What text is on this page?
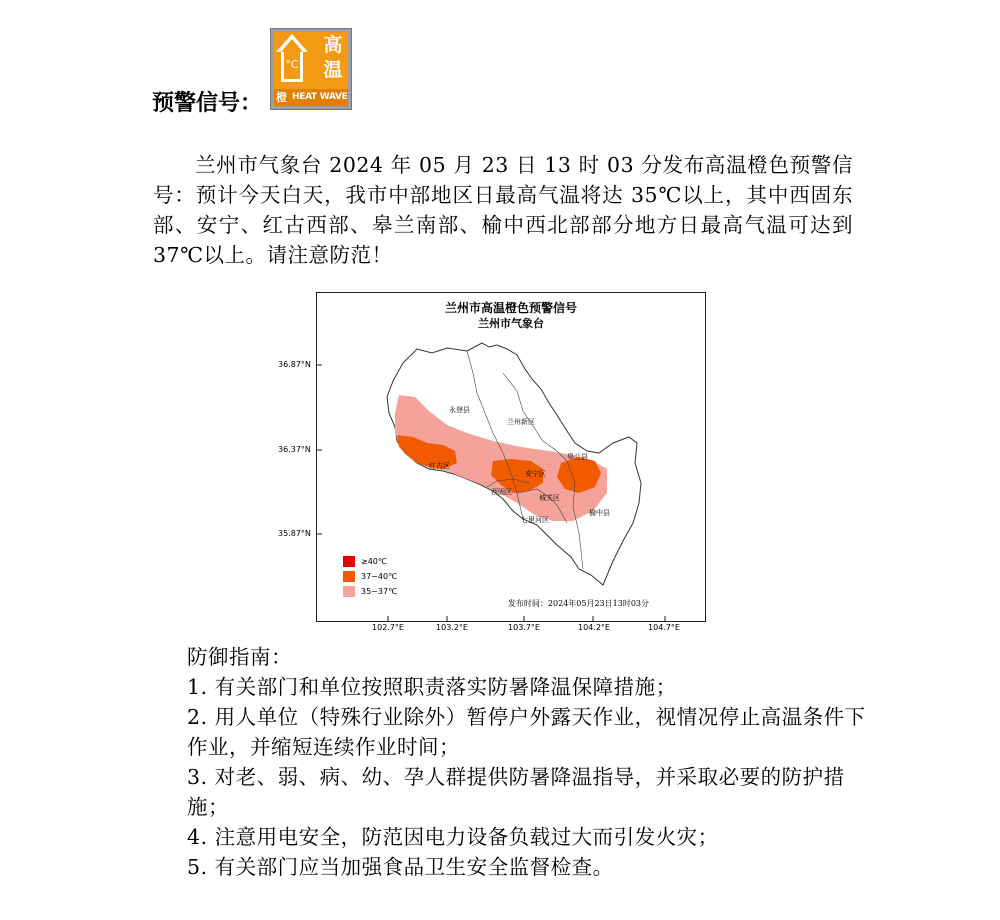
预警信号：
°C
高
温
橙 HEAT WAVE

兰州市气象台 2024 年 05 月 23 日 13 时 03 分发布高温橙色预警信号：预计今天白天，我市中部地区日最高气温将达 35℃以上，其中西固东部、安宁、红古西部、皋兰南部、榆中西北部部分地方日最高气温可达到 37℃以上。请注意防范！

兰州市高温橙色预警信号
兰州市气象台
永登县
兰州新区
皋兰县
红古区
安宁区
西固区
城关区
七里河区
榆中县
≥40℃
37−40℃
35−37℃
发布时间：2024年05月23日13时03分
36.87°N
36.37°N
35.87°N
102.7°E	103.2°E	103.7°E	104.2°E	104.7°E

防御指南：

1. 有关部门和单位按照职责落实防暑降温保障措施；

2. 用人单位（特殊行业除外）暂停户外露天作业，视情况停止高温条件下作业，并缩短连续作业时间；

3. 对老、弱、病、幼、孕人群提供防暑降温指导，并采取必要的防护措施；

4. 注意用电安全，防范因电力设备负载过大而引发火灾；

5. 有关部门应当加强食品卫生安全监督检查。
